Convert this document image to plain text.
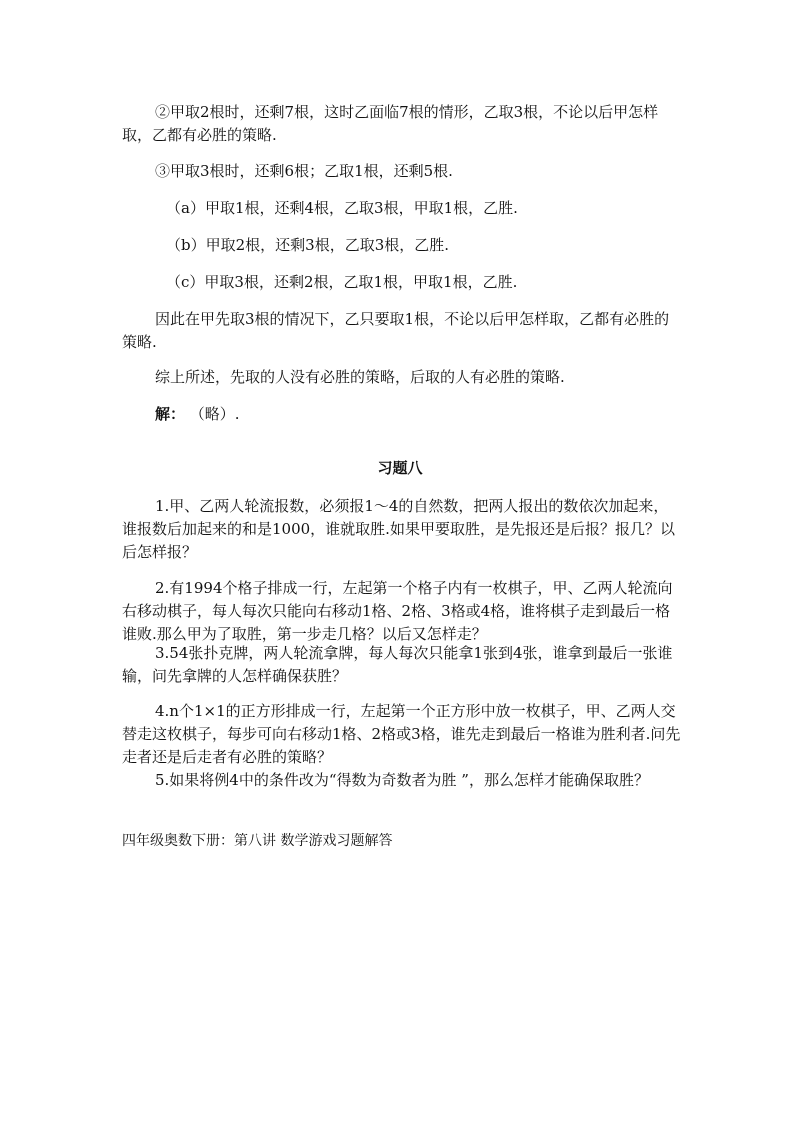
②甲取2根时，还剩7根，这时乙面临7根的情形，乙取3根，不论以后甲怎样取，乙都有必胜的策略.
③甲取3根时，还剩6根；乙取1根，还剩5根.
（a）甲取1根，还剩4根，乙取3根，甲取1根，乙胜.
（b）甲取2根，还剩3根，乙取3根，乙胜.
（c）甲取3根，还剩2根，乙取1根，甲取1根，乙胜.
因此在甲先取3根的情况下，乙只要取1根，不论以后甲怎样取，乙都有必胜的策略.
综上所述，先取的人没有必胜的策略，后取的人有必胜的策略.
解： （略）.
习题八
1.甲、乙两人轮流报数，必须报1～4的自然数，把两人报出的数依次加起来，谁报数后加起来的和是1000，谁就取胜.如果甲要取胜，是先报还是后报？报几？以后怎样报？
2.有1994个格子排成一行，左起第一个格子内有一枚棋子，甲、乙两人轮流向右移动棋子，每人每次只能向右移动1格、2格、3格或4格，谁将棋子走到最后一格谁败.那么甲为了取胜，第一步走几格？以后又怎样走？
3.54张扑克牌，两人轮流拿牌，每人每次只能拿1张到4张，谁拿到最后一张谁输，问先拿牌的人怎样确保获胜？
4.n个1×1的正方形排成一行，左起第一个正方形中放一枚棋子，甲、乙两人交替走这枚棋子，每步可向右移动1格、2格或3格，谁先走到最后一格谁为胜利者.问先走者还是后走者有必胜的策略？
5.如果将例4中的条件改为“得数为奇数者为胜 ”，那么怎样才能确保取胜？
四年级奥数下册：第八讲 数学游戏习题解答
